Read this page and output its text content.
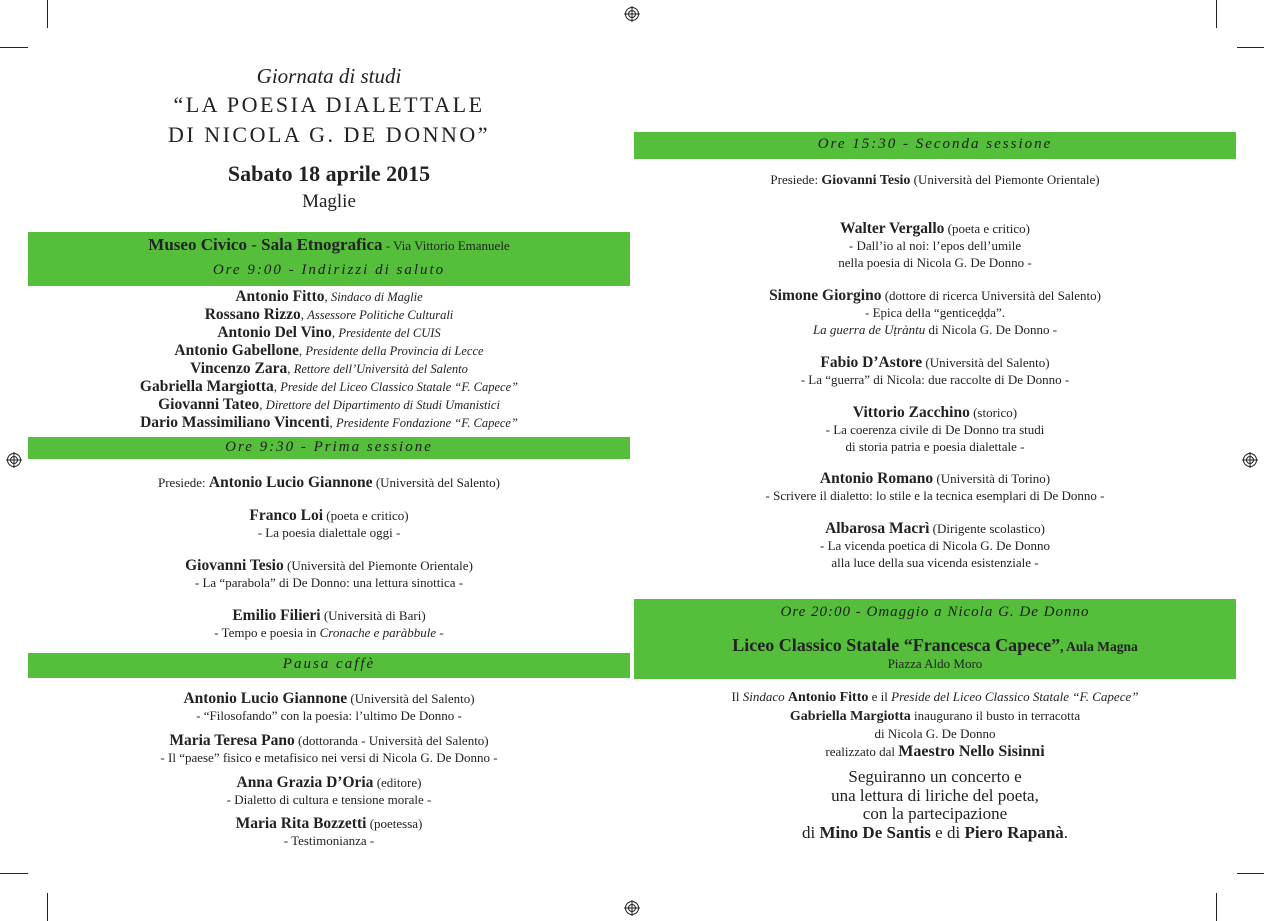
Giornata di studi
“LA POESIA DIALETTALE
DI NICOLA G. DE DONNO”
Sabato 18 aprile 2015
Maglie
Museo Civico - Sala Etnografica - Via Vittorio Emanuele
Ore 9:00 - Indirizzi di saluto
Antonio Fitto, Sindaco di Maglie
Rossano Rizzo, Assessore Politiche Culturali
Antonio Del Vino, Presidente del CUIS
Antonio Gabellone, Presidente della Provincia di Lecce
Vincenzo Zara, Rettore dell’Università del Salento
Gabriella Margiotta, Preside del Liceo Classico Statale “F. Capece”
Giovanni Tateo, Direttore del Dipartimento di Studi Umanistici
Dario Massimiliano Vincenti, Presidente Fondazione “F. Capece”
Ore 9:30 - Prima sessione
Presiede: Antonio Lucio Giannone (Università del Salento)
Franco Loi (poeta e critico)
- La poesia dialettale oggi -
Giovanni Tesio (Università del Piemonte Orientale)
- La “parabola” di De Donno: una lettura sinottica -
Emilio Filieri (Università di Bari)
- Tempo e poesia in Cronache e paràbbule -
Pausa caffè
Antonio Lucio Giannone (Università del Salento)
- “Filosofando” con la poesia: l’ultimo De Donno -
Maria Teresa Pano (dottoranda - Università del Salento)
- Il “paese” fisico e metafisico nei versi di Nicola G. De Donno -
Anna Grazia D’Oria (editore)
- Dialetto di cultura e tensione morale -
Maria Rita Bozzetti (poetessa)
- Testimonianza -
Ore 15:30 - Seconda sessione
Presiede: Giovanni Tesio (Università del Piemonte Orientale)
Walter Vergallo (poeta e critico)
- Dall’io al noi: l’epos dell’umile
nella poesia di Nicola G. De Donno -
Simone Giorgino (dottore di ricerca Università del Salento)
- Epica della “genticeḍḍa”.
La guerra de Uṭràntu di Nicola G. De Donno -
Fabio D’Astore (Università del Salento)
- La “guerra” di Nicola: due raccolte di De Donno -
Vittorio Zacchino (storico)
- La coerenza civile di De Donno tra studi
di storia patria e poesia dialettale -
Antonio Romano (Università di Torino)
- Scrivere il dialetto: lo stile e la tecnica esemplari di De Donno -
Albarosa Macrì (Dirigente scolastico)
- La vicenda poetica di Nicola G. De Donno
alla luce della sua vicenda esistenziale -
Ore 20:00 - Omaggio a Nicola G. De Donno
Liceo Classico Statale “Francesca Capece”, Aula Magna
Piazza Aldo Moro
Il Sindaco Antonio Fitto e il Preside del Liceo Classico Statale “F. Capece”
Gabriella Margiotta inaugurano il busto in terracotta
di Nicola G. De Donno
realizzato dal Maestro Nello Sisinni
Seguiranno un concerto e
una lettura di liriche del poeta,
con la partecipazione
di Mino De Santis e di Piero Rapanà.
